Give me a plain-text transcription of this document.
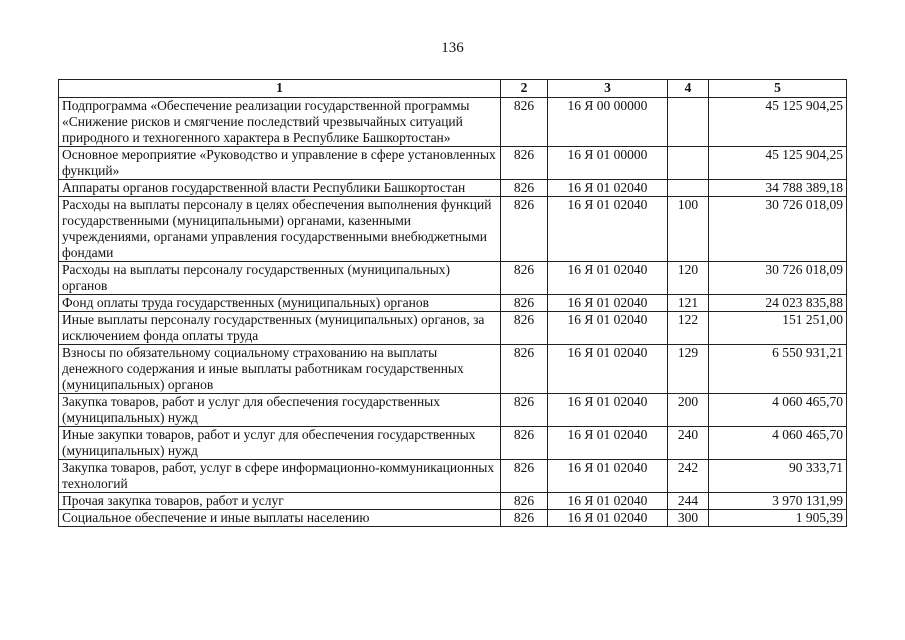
136
1	2	3	4	5
Подпрограмма «Обеспечение реализации государственной программы «Снижение рисков и смягчение последствий чрезвычайных ситуаций природного и техногенного характера в Республике Башкортостан»	826	16 Я 00 00000		45 125 904,25
Основное мероприятие «Руководство и управление в сфере установленных функций»	826	16 Я 01 00000		45 125 904,25
Аппараты органов государственной власти Республики Башкортостан	826	16 Я 01 02040		34 788 389,18
Расходы на выплаты персоналу в целях обеспечения выполнения функций государственными (муниципальными) органами, казенными учреждениями, органами управления государственными внебюджетными фондами	826	16 Я 01 02040	100	30 726 018,09
Расходы на выплаты персоналу государственных (муниципальных) органов	826	16 Я 01 02040	120	30 726 018,09
Фонд оплаты труда государственных (муниципальных) органов	826	16 Я 01 02040	121	24 023 835,88
Иные выплаты персоналу государственных (муниципальных) органов, за исключением фонда оплаты труда	826	16 Я 01 02040	122	151 251,00
Взносы по обязательному социальному страхованию на выплаты денежного содержания и иные выплаты работникам государственных (муниципальных) органов	826	16 Я 01 02040	129	6 550 931,21
Закупка товаров, работ и услуг для обеспечения государственных (муниципальных) нужд	826	16 Я 01 02040	200	4 060 465,70
Иные закупки товаров, работ и услуг для обеспечения государственных (муниципальных) нужд	826	16 Я 01 02040	240	4 060 465,70
Закупка товаров, работ, услуг в сфере информационно-коммуникационных технологий	826	16 Я 01 02040	242	90 333,71
Прочая закупка товаров, работ и услуг	826	16 Я 01 02040	244	3 970 131,99
Социальное обеспечение и иные выплаты населению	826	16 Я 01 02040	300	1 905,39
